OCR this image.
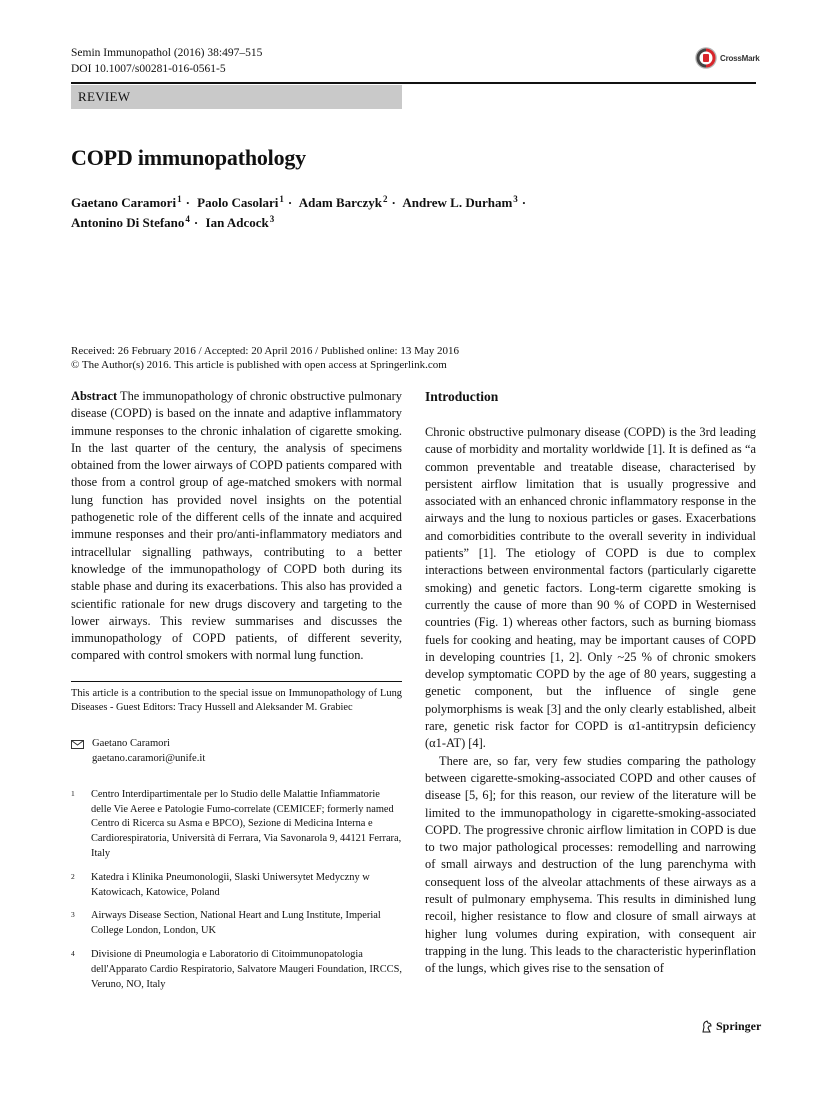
Semin Immunopathol (2016) 38:497–515
DOI 10.1007/s00281-016-0561-5
CrossMark
REVIEW
COPD immunopathology
Gaetano Caramori$^1$ · Paolo Casolari$^1$ · Adam Barczyk$^2$ · Andrew L. Durham$^3$ ·
Antonino Di Stefano$^4$ · Ian Adcock$^3$
Received: 26 February 2016 / Accepted: 20 April 2016 / Published online: 13 May 2016
© The Author(s) 2016. This article is published with open access at Springerlink.com

Abstract The immunopathology of chronic obstructive pulmonary disease (COPD) is based on the innate and adaptive inflammatory immune responses to the chronic inhalation of cigarette smoking. In the last quarter of the century, the analysis of specimens obtained from the lower airways of COPD patients compared with those from a control group of age-matched smokers with normal lung function has provided novel insights on the potential pathogenetic role of the different cells of the innate and acquired immune responses and their pro/anti-inflammatory mediators and intracellular signalling pathways, contributing to a better knowledge of the immunopathology of COPD both during its stable phase and during its exacerbations. This also has provided a scientific rationale for new drugs discovery and targeting to the lower airways. This review summarises and discusses the immunopathology of COPD patients, of different severity, compared with control smokers with normal lung function.

This article is a contribution to the special issue on Immunopathology of Lung Diseases - Guest Editors: Tracy Hussell and Aleksander M. Grabiec

Gaetano Caramori
gaetano.caramori@unife.it
1	Centro Interdipartimentale per lo Studio delle Malattie Infiammatorie delle Vie Aeree e Patologie Fumo-correlate (CEMICEF; formerly named Centro di Ricerca su Asma e BPCO), Sezione di Medicina Interna e Cardiorespiratoria, Università di Ferrara, Via Savonarola 9, 44121 Ferrara, Italy
2	Katedra i Klinika Pneumonologii, Slaski Uniwersytet Medyczny w Katowicach, Katowice, Poland
3	Airways Disease Section, National Heart and Lung Institute, Imperial College London, London, UK
4	Divisione di Pneumologia e Laboratorio di Citoimmunopatologia dell'Apparato Cardio Respiratorio, Salvatore Maugeri Foundation, IRCCS, Veruno, NO, Italy
Introduction

Chronic obstructive pulmonary disease (COPD) is the 3rd leading cause of morbidity and mortality worldwide [1]. It is defined as “a common preventable and treatable disease, characterised by persistent airflow limitation that is usually progressive and associated with an enhanced chronic inflammatory response in the airways and the lung to noxious particles or gases. Exacerbations and comorbidities contribute to the overall severity in individual patients” [1]. The etiology of COPD is due to complex interactions between environmental factors (particularly cigarette smoking) and genetic factors. Long-term cigarette smoking is currently the cause of more than 90 % of COPD in Westernised countries (Fig. 1) whereas other factors, such as burning biomass fuels for cooking and heating, may be important causes of COPD in developing countries [1, 2]. Only ~25 % of chronic smokers develop symptomatic COPD by the age of 80 years, suggesting a genetic component, but the influence of single gene polymorphisms is weak [3] and the only clearly established, albeit rare, genetic risk factor for COPD is α1-antitrypsin deficiency (α1-AT) [4].

There are, so far, very few studies comparing the pathology between cigarette-smoking-associated COPD and other causes of disease [5, 6]; for this reason, our review of the literature will be limited to the immunopathology in cigarette-smoking-associated COPD. The progressive chronic airflow limitation in COPD is due to two major pathological processes: remodelling and narrowing of small airways and destruction of the lung parenchyma with consequent loss of the alveolar attachments of these airways as a result of pulmonary emphysema. This results in diminished lung recoil, higher resistance to flow and closure of small airways at higher lung volumes during expiration, with consequent air trapping in the lung. This leads to the characteristic hyperinflation of the lungs, which gives rise to the sensation of

Springer
